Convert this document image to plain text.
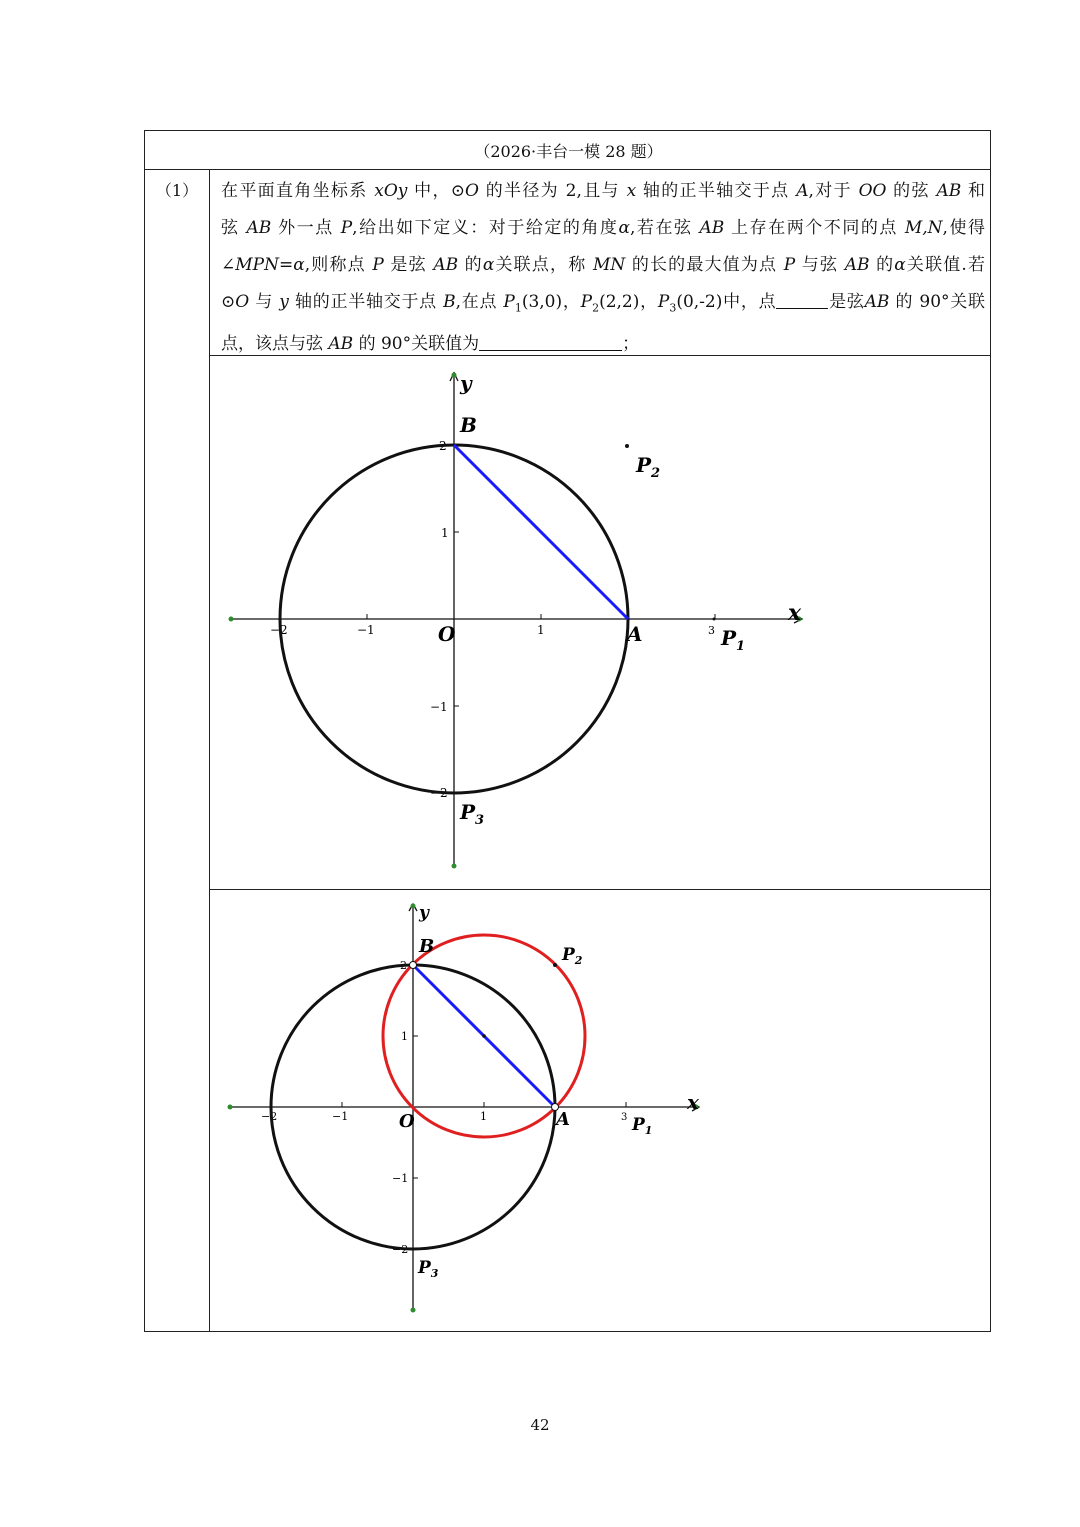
（2026·丰台一模 28 题）
（1）	在平面直角坐标系 xOy 中，⊙O 的半径为 2,且与 x 轴的正半轴交于点 A,对于 OO 的弦 AB 和
弦 AB 外一点 P,给出如下定义：对于给定的角度α,若在弦 AB 上存在两个不同的点 M,N,使得
∠MPN=α,则称点 P 是弦 AB 的α关联点，称 MN 的长的最大值为点 P 与弦 AB 的α关联值.若
⊙O 与 y 轴的正半轴交于点 B,在点 $P_1(3,0)$，$P_2(2,2)$，$P_3(0,-2)$中，点	是弦AB 的 90°关联
点，该点与弦 AB 的 90°关联值为	；
−2	−1	1	3
2
1
−1
−2
x
y
O	A
B
$P_2$
$P_1$
$P_3$
−2	−1	1	3
2
1
−1
−2
x
y
O	A
B	$P_2$
$P_1$
$P_3$
42
